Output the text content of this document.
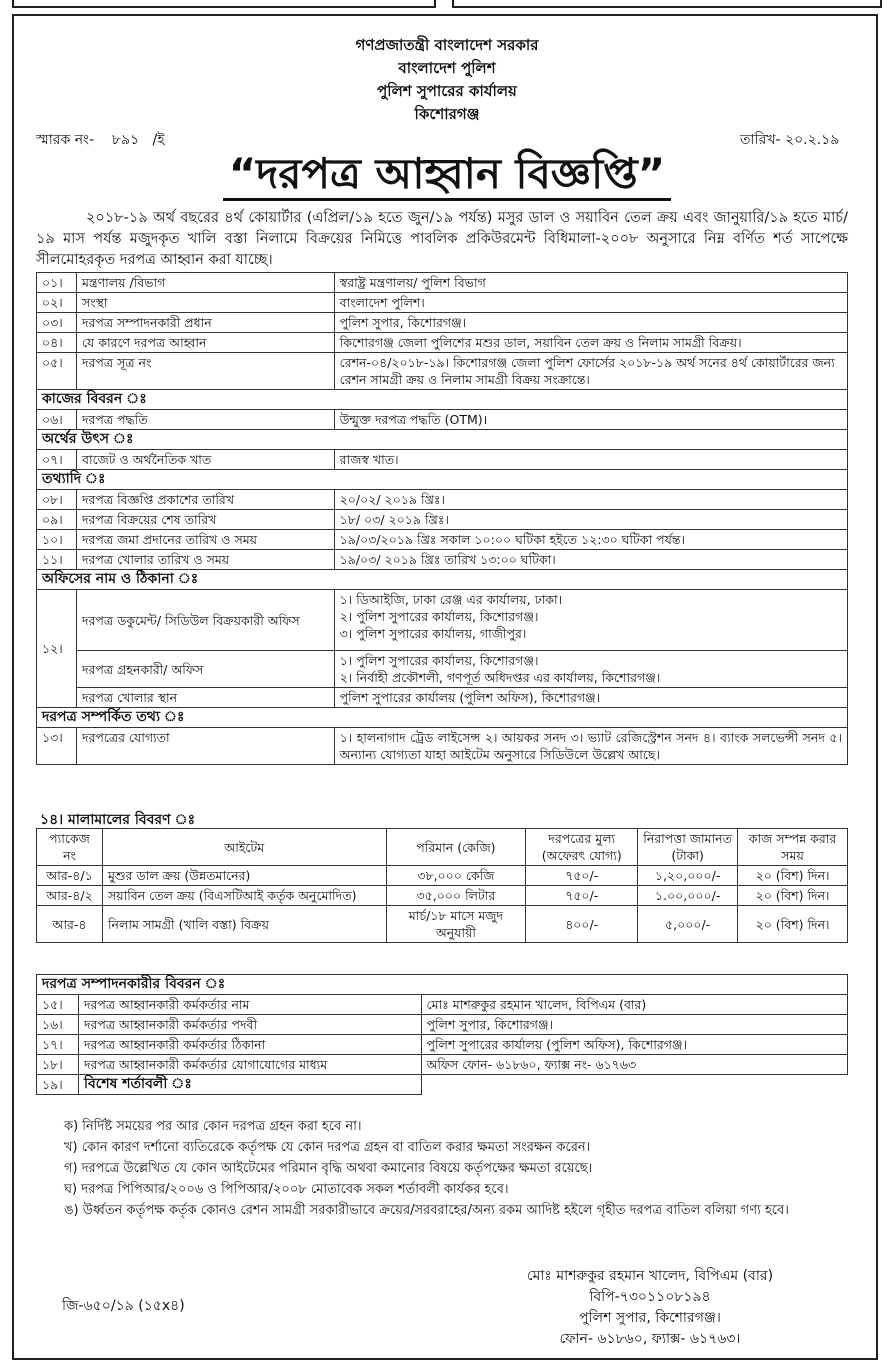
গণপ্রজাতন্ত্রী বাংলাদেশ সরকার
বাংলাদেশ পুলিশ
পুলিশ সুপারের কার্যালয়
কিশোরগঞ্জ
স্মারক নং-    ৮৯১   /ই	তারিখ- ২০.২.১৯
“দরপত্র আহ্বান বিজ্ঞপ্তি”
২০১৮-১৯ অর্থ বছরের ৪র্থ কোয়ার্টার (এপ্রিল/১৯ হতে জুন/১৯ পর্যন্ত) মসুর ডাল ও সয়াবিন তেল ক্রয় এবং জানুয়ারি/১৯ হতে মার্চ/১৯ মাস পর্যন্ত মজুদকৃত খালি বস্তা নিলামে বিক্রয়ের নিমিত্তে পাবলিক প্রকিউরমেন্ট বিধিমালা-২০০৮ অনুসারে নিম্ন বর্ণিত শর্ত সাপেক্ষে সীলমোহরকৃত দরপত্র আহ্বান করা যাচ্ছে।
০১।	মন্ত্রণালয় /বিভাগ	স্বরাষ্ট্র মন্ত্রণালয়/ পুলিশ বিভাগ
০২।	সংস্থা	বাংলাদেশ পুলিশ।
০৩।	দরপত্র সম্পাদনকারী প্রধান	পুলিশ সুপার, কিশোরগঞ্জ।
০৪।	যে কারণে দরপত্র আহ্বান	কিশোরগঞ্জ জেলা পুলিশের মশুর ডাল, সয়াবিন তেল ক্রয় ও নিলাম সামগ্রী বিক্রয়।
০৫।	দরপত্র সূত্র নং	রেশন-০৪/২০১৮-১৯। কিশোরগঞ্জ জেলা পুলিশ ফোর্সের ২০১৮-১৯ অর্থ সনের ৪র্থ কোয়ার্টারের জন্য রেশন সামগ্রী ক্রয় ও নিলাম সামগ্রী বিক্রয় সংক্রান্তে।
কাজের বিবরন ঃ		
০৬।	দরপত্র পদ্ধতি	উন্মুক্ত দরপত্র পদ্ধতি (OTM)।
অর্থের উৎস ঃ		
০৭।	বাজেট ও অর্থনৈতিক খাত	রাজস্ব খাত।
তথ্যাদি ঃ		
০৮।	দরপত্র বিজ্ঞপ্তি প্রকাশের তারিখ	২০/০২/ ২০১৯ খ্রিঃ।
০৯।	দরপত্র বিক্রয়ের শেষ তারিখ	১৮/ ০৩/ ২০১৯ খ্রিঃ।
১০।	দরপত্র জমা প্রদানের তারিখ ও সময়	১৯/০৩/২০১৯ খ্রিঃ সকাল ১০:০০ ঘটিকা হইতে ১২:৩০ ঘটিকা পর্যন্ত।
১১।	দরপত্র খোলার তারিখ ও সময়	১৯/০৩/ ২০১৯ খ্রিঃ তারিখ ১৩:০০ ঘটিকা।
অফিসের নাম ও ঠিকানা ঃ		
১২।	দরপত্র ডকুমেন্ট/ সিডিউল বিক্রয়কারী অফিস	১। ডিআইজি, ঢাকা রেঞ্জ এর কার্যালয়, ঢাকা।
২। পুলিশ সুপারের কার্যালয়, কিশোরগঞ্জ।
৩। পুলিশ সুপারের কার্যালয়, গাজীপুর।
	দরপত্র গ্রহনকারী/ অফিস	১। পুলিশ সুপারের কার্যালয়, কিশোরগঞ্জ।
২। নির্বাহী প্রকৌশলী, গণপূর্ত অধিদপ্তর এর কার্যালয়, কিশোরগঞ্জ।
	দরপত্র খোলার স্থান	পুলিশ সুপারের কার্যালয় (পুলিশ অফিস), কিশোরগঞ্জ।
দরপত্র সম্পর্কিত তথ্য ঃ		
১৩।	দরপত্রের যোগ্যতা	১। হালনাগাদ ট্রেড লাইসেন্স ২। আয়কর সনদ ৩। ভ্যাট রেজিস্ট্রেশন সনদ ৪। ব্যাংক সলভেন্সী সনদ ৫। অন্যান্য যোগ্যতা যাহা আইটেম অনুসারে সিডিউলে উল্লেখ আছে।
১৪। মালামালের বিবরণ ঃ
প্যাকেজ নং	আইটেম	পরিমান (কেজি)	দরপত্রের মুল্য (অফেরৎ যোগ্য)	নিরাপত্তা জামানত (টাকা)	কাজ সম্পন্ন করার সময়
আর-৪/১	মুশুর ডাল ক্রয় (উন্নতমানের)	৩৮,০০০ কেজি	৭৫০/-	১,২০,০০০/-	২০ (বিশ) দিন।
আর-৪/২	সয়াবিন তেল ক্রয় (বিএসটিআই কর্তৃক অনুমোদিত)	৩৫,০০০ লিটার	৭৫০/-	১.০০,০০০/-	২০ (বিশ) দিন।
আর-৪	নিলাম সামগ্রী (খালি বস্তা) বিক্রয়	মার্চ/১৮ মাসে মজুদ অনুযায়ী	৪০০/-	৫,০০০/-	২০ (বিশ) দিন।
দরপত্র সম্পাদনকারীর বিবরন ঃ		
১৫।	দরপত্র আহ্বানকারী কর্মকর্তার নাম	মোঃ মাশরুকুর রহমান খালেদ, বিপিএম (বার)
১৬।	দরপত্র আহ্বানকারী কর্মকর্তার পদবী	পুলিশ সুপার, কিশোরগঞ্জ।
১৭।	দরপত্র আহ্বানকারী কর্মকর্তার ঠিকানা	পুলিশ সুপারের কার্যালয় (পুলিশ অফিস), কিশোরগঞ্জ।
১৮।	দরপত্র আহ্বানকারী কর্মকর্তার যোগাযোগের মাধ্যম	অফিস ফোন- ৬১৮৬০, ফ্যাক্স নং- ৬১৭৬৩
১৯।	বিশেষ শর্তাবলী ঃ	
ক) নির্দিষ্ট সময়ের পর আর কোন দরপত্র গ্রহন করা হবে না।
খ) কোন কারণ দর্শানো ব্যতিরেকে কর্তৃপক্ষ যে কোন দরপত্র গ্রহন বা বাতিল করার ক্ষমতা সংরক্ষন করেন।
গ) দরপত্রে উল্লেখিত যে কোন আইটেমের পরিমান বৃদ্ধি অথবা কমানোর বিষয়ে কর্তৃপক্ষের ক্ষমতা রয়েছে।
ঘ) দরপত্র পিপিআর/২০০৬ ও পিপিআর/২০০৮ মোতাবেক সকল শর্তাবলী কার্যকর হবে।
ঙ) উর্ধ্বতন কর্তৃপক্ষ কর্তৃক কোনও রেশন সামগ্রী সরকারীভাবে ক্রয়ের/সরবরাহের/অন্য রকম আদিষ্ট হইলে গৃহীত দরপত্র বাতিল বলিয়া গণ্য হবে।
জি-৬৫০/১৯ (১৫x৪)
মোঃ মাশরুকুর রহমান খালেদ, বিপিএম (বার)
বিপি-৭৩০১১০৮১৯৪
পুলিশ সুপার, কিশোরগঞ্জ।
ফোন- ৬১৮৬০, ফ্যাক্স- ৬১৭৬৩।
